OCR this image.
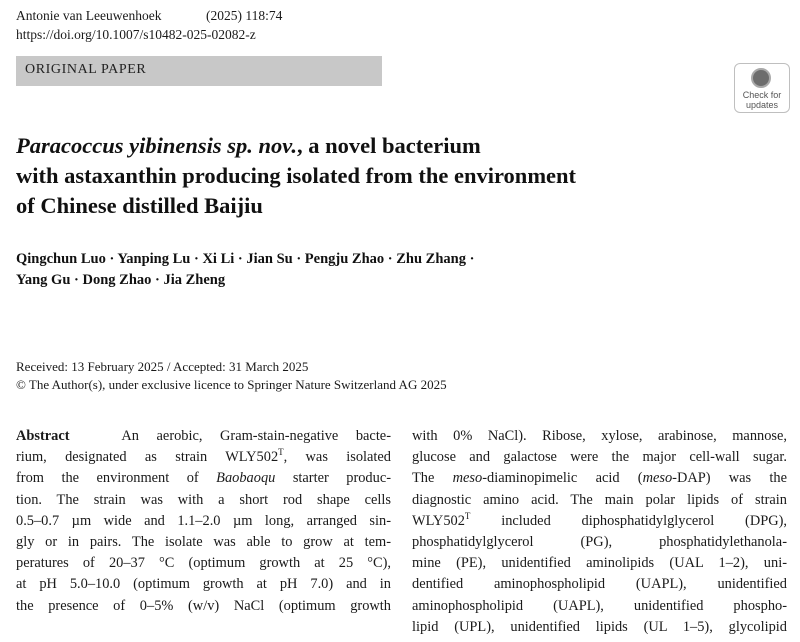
Antonie van Leeuwenhoek	(2025) 118:74
https://doi.org/10.1007/s10482-025-02082-z
ORIGINAL PAPER
Check for
updates
Paracoccus yibinensis sp. nov., a novel bacterium
with astaxanthin producing isolated from the environment
of Chinese distilled Baijiu
Qingchun Luo · Yanping Lu · Xi Li · Jian Su · Pengju Zhao · Zhu Zhang ·
Yang Gu · Dong Zhao · Jia Zheng
Received: 13 February 2025 / Accepted: 31 March 2025
© The Author(s), under exclusive licence to Springer Nature Switzerland AG 2025
Abstract	An aerobic, Gram-stain-negative bacte-
rium, designated as strain $WLY502^T$, was isolated
from the environment of Baobaoqu starter produc-
tion. The strain was with a short rod shape cells
0.5–0.7 µm wide and 1.1–2.0 µm long, arranged sin-
gly or in pairs. The isolate was able to grow at tem-
peratures of 20–37 °C (optimum growth at 25 °C),
at pH 5.0–10.0 (optimum growth at pH 7.0) and in
the presence of 0–5% (w/v) NaCl (optimum growth
with 0% NaCl). Ribose, xylose, arabinose, mannose,
glucose and galactose were the major cell-wall sugar.
The meso-diaminopimelic acid (meso-DAP) was the
diagnostic amino acid. The main polar lipids of strain
$WLY502^T$ included diphosphatidylglycerol (DPG),
phosphatidylglycerol (PG), phosphatidylethanola-
mine (PE), unidentified aminolipids (UAL 1–2), uni-
dentified aminophospholipid (UAPL), unidentified
aminophospholipid (UAPL), unidentified phospho-
lipid (UPL), unidentified lipids (UL 1–5), glycolipid
